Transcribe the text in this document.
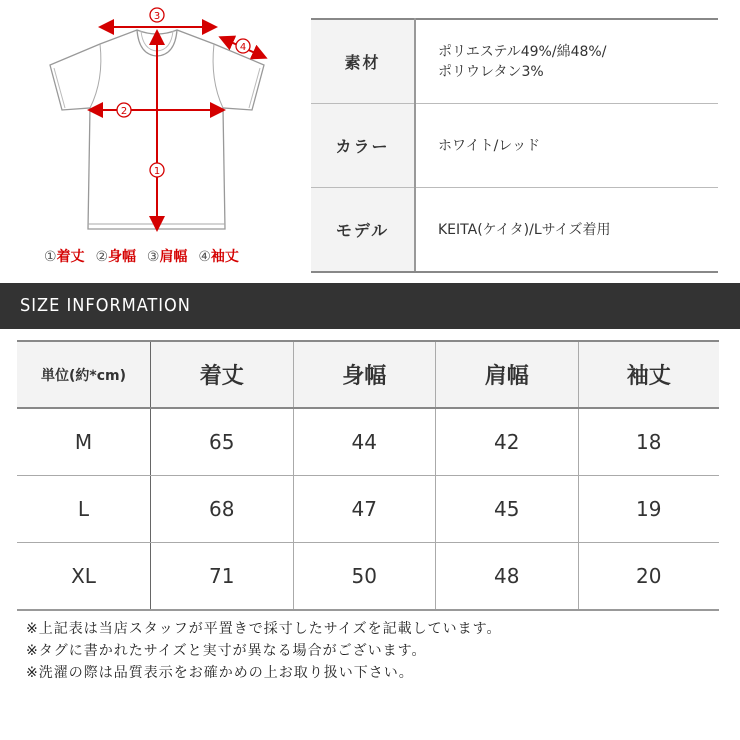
3
2
1
4
①着丈 ②身幅 ③肩幅 ④袖丈
素材	ポリエステル49%/綿48%/
ポリウレタン3%
カラー	ホワイト/レッド
モデル	KEITA(ケイタ)/Lサイズ着用
SIZE INFORMATION
単位(約*cm)	着丈	身幅	肩幅	袖丈
M	65	44	42	18
L	68	47	45	19
XL	71	50	48	20
※上記表は当店スタッフが平置きで採寸したサイズを記載しています。
※タグに書かれたサイズと実寸が異なる場合がございます。
※洗濯の際は品質表示をお確かめの上お取り扱い下さい。
